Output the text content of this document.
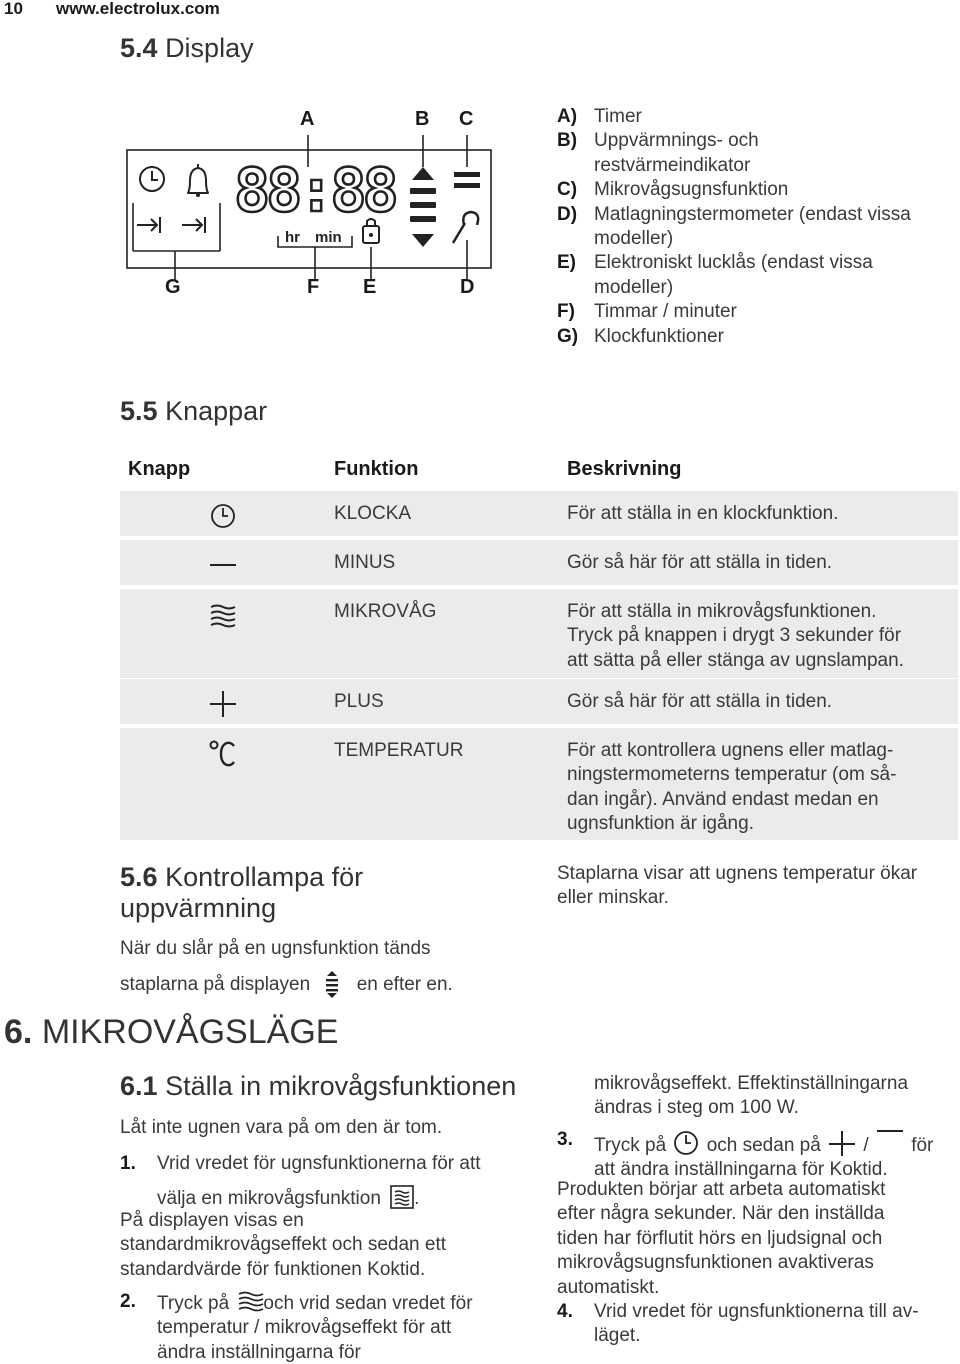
10 www.electrolux.com
5.4 Display
A	B C
G	F E	D
88:88
hr min
A) Timer
B) Uppvärmnings- och
restvärmeindikator
C) Mikrovågsugnsfunktion
D) Matlagningstermometer (endast vissa
modeller)
E) Elektroniskt lucklås (endast vissa
modeller)
F)	Timmar / minuter
G) Klockfunktioner
5.5 Knappar
Knapp	Funktion	Beskrivning
KLOCKA	För att ställa in en klockfunktion.
MINUS	Gör så här för att ställa in tiden.
MIKROVÅG	För att ställa in mikrovågsfunktionen.
Tryck på knappen i drygt 3 sekunder för
att sätta på eller stänga av ugnslampan.
PLUS	Gör så här för att ställa in tiden.
TEMPERATUR	För att kontrollera ugnens eller matlag-
ningstermometerns temperatur (om så-
dan ingår). Använd endast medan en
ugnsfunktion är igång.
5.6 Kontrollampa för
uppvärmning
När du slår på en ugnsfunktion tänds
staplarna på displayen en efter en.
Staplarna visar att ugnens temperatur ökar
eller minskar.
6. MIKROVÅGSLÄGE
6.1 Ställa in mikrovågsfunktionen
Låt inte ugnen vara på om den är tom.
1. Vrid vredet för ugnsfunktionerna för att
välja en mikrovågsfunktion .
På displayen visas en
standardmikrovågseffekt och sedan ett
standardvärde för funktionen Koktid.
2. Tryck på och vrid sedan vredet för
temperatur / mikrovågseffekt för att
ändra inställningarna för
mikrovågseffekt. Effektinställningarna
ändras i steg om 100 W.
3. Tryck på och sedan på / för
att ändra inställningarna för Koktid.
Produkten börjar att arbeta automatiskt
efter några sekunder. När den inställda
tiden har förflutit hörs en ljudsignal och
mikrovågsugnsfunktionen avaktiveras
automatiskt.
4. Vrid vredet för ugnsfunktionerna till av-
läget.
